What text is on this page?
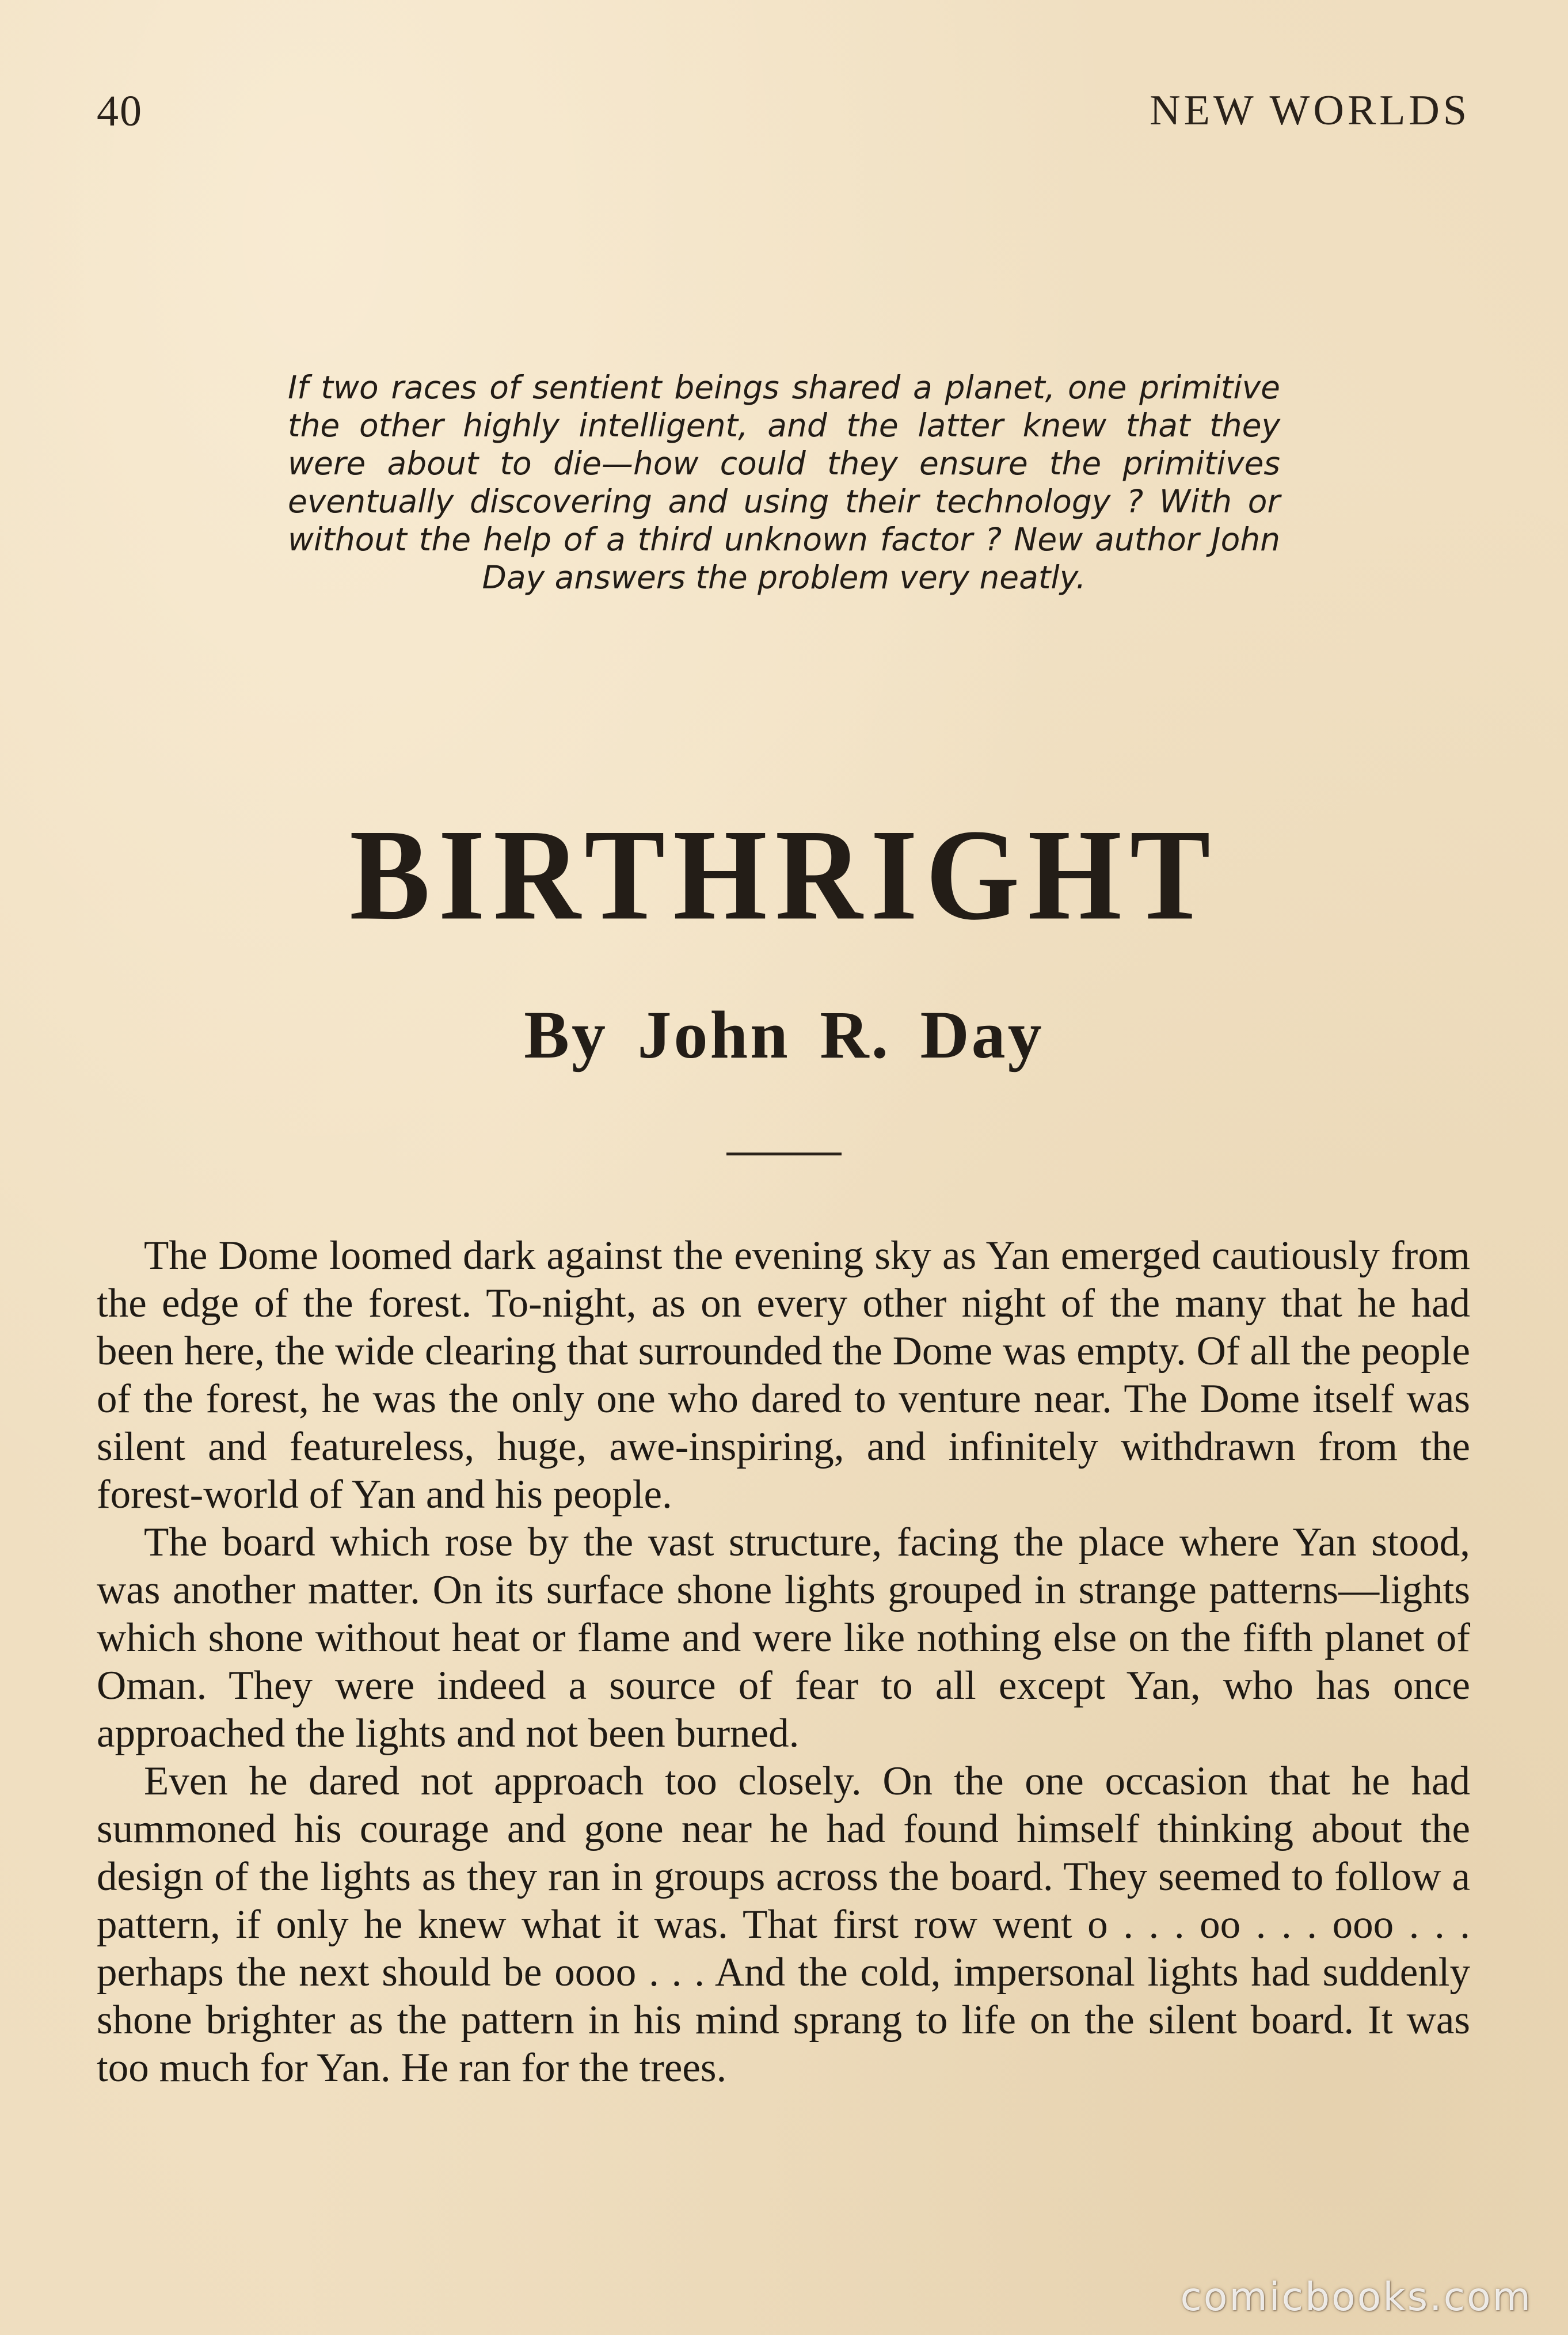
40	NEW WORLDS
If two races of sentient beings shared a planet, one primitive the other highly intelligent, and the latter knew that they were about to die—how could they ensure the primitives eventually discovering and using their technology ? With or without the help of a third unknown factor ? New author John Day answers the problem very neatly.
BIRTHRIGHT
By John R. Day

The Dome loomed dark against the evening sky as Yan emerged cautiously from the edge of the forest. To-night, as on every other night of the many that he had been here, the wide clearing that surrounded the Dome was empty. Of all the people of the forest, he was the only one who dared to venture near. The Dome itself was silent and featureless, huge, awe-inspiring, and infinitely withdrawn from the forest-world of Yan and his people.

The board which rose by the vast structure, facing the place where Yan stood, was another matter. On its surface shone lights grouped in strange patterns—lights which shone without heat or flame and were like nothing else on the fifth planet of Oman. They were indeed a source of fear to all except Yan, who has once approached the lights and not been burned.

Even he dared not approach too closely. On the one occasion that he had summoned his courage and gone near he had found himself thinking about the design of the lights as they ran in groups across the board. They seemed to follow a pattern, if only he knew what it was. That first row went o . . . oo . . . ooo . . . perhaps the next should be oooo . . . And the cold, impersonal lights had suddenly shone brighter as the pattern in his mind sprang to life on the silent board. It was too much for Yan. He ran for the trees.

comicbooks.com
